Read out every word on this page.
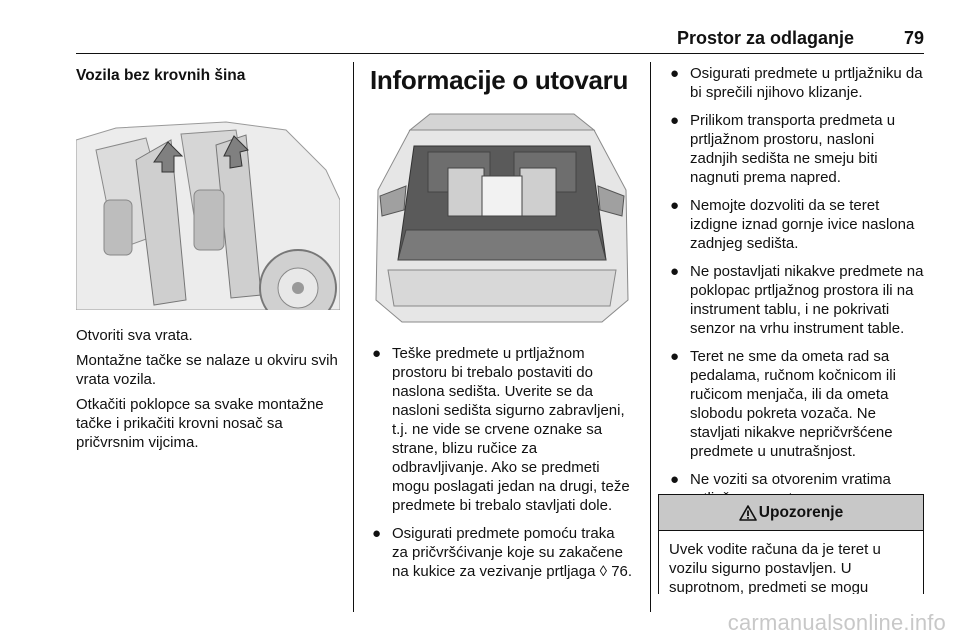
Prostor za odlaganje	79
Vozila bez krovnih šina

Otvoriti sva vrata.

Montažne tačke se nalaze u okviru svih vrata vozila.

Otkačiti poklopce sa svake montažne tačke i prikačiti krovni nosač sa pričvrsnim vijcima.

Informacije o utovaru
● Teške predmete u prtljažnom prostoru bi trebalo postaviti do naslona sedišta. Uverite se da nasloni sedišta sigurno zabravljeni, t.j. ne vide se crvene oznake sa strane, blizu ručice za odbravljivanje. Ako se predmeti mogu poslagati jedan na drugi, teže predmete bi trebalo stavljati dole.
● Osigurati predmete pomoću traka za pričvršćivanje koje su zakačene na kukice za vezivanje prtljaga ◊ 76.
● Osigurati predmete u prtljažniku da bi sprečili njihovo klizanje.
● Prilikom transporta predmeta u prtljažnom prostoru, nasloni zadnjih sedišta ne smeju biti nagnuti prema napred.
● Nemojte dozvoliti da se teret izdigne iznad gornje ivice naslona zadnjeg sedišta.
● Ne postavljati nikakve predmete na poklopac prtljažnog prostora ili na instrument tablu, i ne pokrivati senzor na vrhu instrument table.
● Teret ne sme da ometa rad sa pedalama, ručnom kočnicom ili ručicom menjača, ili da ometa slobodu pokreta vozača. Ne stavljati nikakve nepričvršćene predmete u unutrašnjost.
● Ne voziti sa otvorenim vratima
Upozorenje
Uvek vodite računa da je teret u vozilu sigurno postavljen. U suprotnom, predmeti se mogu
carmanualsonline.info
